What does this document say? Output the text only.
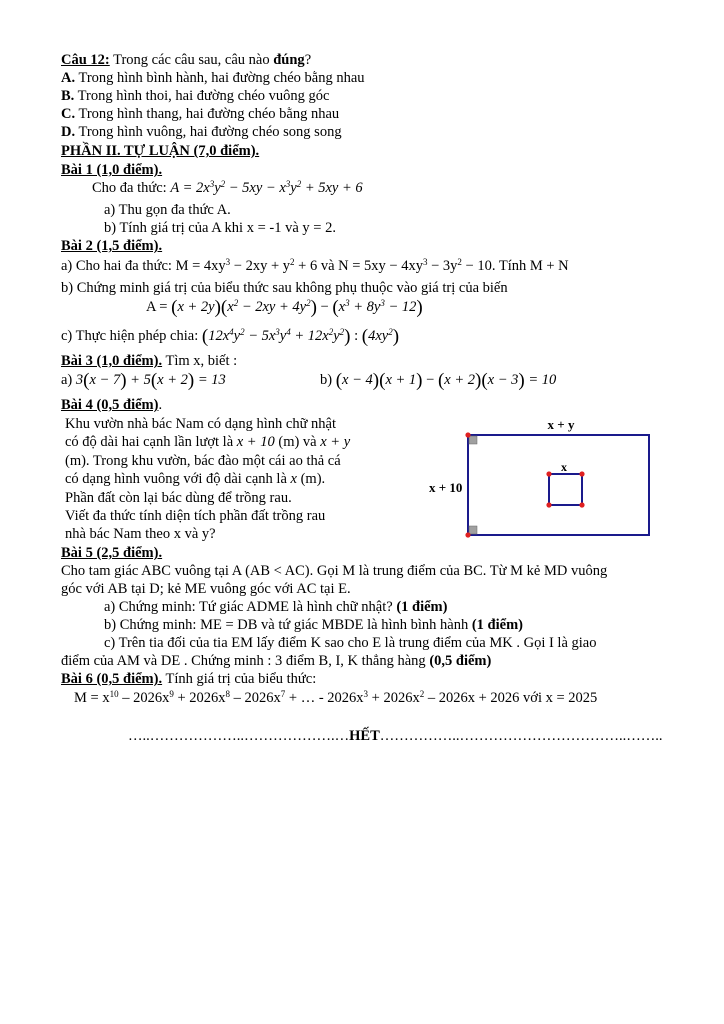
Câu 12: Trong các câu sau, câu nào đúng?
A. Trong hình bình hành, hai đường chéo bằng nhau
B. Trong hình thoi, hai đường chéo vuông góc
C. Trong hình thang, hai đường chéo bằng nhau
D. Trong hình vuông, hai đường chéo song song
PHẦN II. TỰ LUẬN (7,0 điểm).
Bài 1 (1,0 điểm).
Cho đa thức: $A = 2x^3y^2 - 5xy - x^3y^2 + 5xy + 6$
a) Thu gọn đa thức A.
b) Tính giá trị của A khi x = -1 và y = 2.
Bài 2 (1,5 điểm).
a) Cho hai đa thức: $M = 4xy^3 - 2xy + y^2 + 6$ và $N = 5xy - 4xy^3 - 3y^2 - 10$. Tính M + N
b) Chứng minh giá trị của biểu thức sau không phụ thuộc vào giá trị của biến
$A = (x + 2y)(x^2 - 2xy + 4y^2) - (x^3 + 8y^3 - 12)$
c) Thực hiện phép chia: $(12x^4y^2 - 5x^3y^4 + 12x^2y^2)$ : $(4xy^2)$
Bài 3 (1,0 điểm). Tìm x, biết :
a) 3(x − 7) + 5(x + 2) = 13	b) (x − 4)(x + 1) − (x + 2)(x − 3) = 10
Bài 4 (0,5 điểm).
Khu vườn nhà bác Nam có dạng hình chữ nhật
có độ dài hai cạnh lần lượt là x + 10 (m) và x + y
(m). Trong khu vườn, bác đào một cái ao thả cá
có dạng hình vuông với độ dài cạnh là x (m).
Phần đất còn lại bác dùng để trồng rau.
Viết đa thức tính diện tích phần đất trồng rau
nhà bác Nam theo x và y?
x + y
x + 10
x
Bài 5 (2,5 điểm).
Cho tam giác ABC vuông tại A (AB < AC). Gọi M là trung điểm của BC. Từ M kẻ MD vuông
góc với AB tại D; kẻ ME vuông góc với AC tại E.
a) Chứng minh: Tứ giác ADME là hình chữ nhật? (1 điểm)
b) Chứng minh: ME = DB và tứ giác MBDE là hình bình hành (1 điểm)
c) Trên tia đối của tia EM lấy điểm K sao cho E là trung điểm của MK . Gọi I là giao
điểm của AM và DE . Chứng minh : 3 điểm B, I, K thẳng hàng (0,5 điểm)
Bài 6 (0,5 điểm). Tính giá trị của biểu thức:
$M = x^{10} - 2026x^9 + 2026x^8 - 2026x^7$ + … - $2026x^3 + 2026x^2 - 2026x + 2026$ với x = 2025
…..………………..……………….…HẾT……………..……………………………..……..
